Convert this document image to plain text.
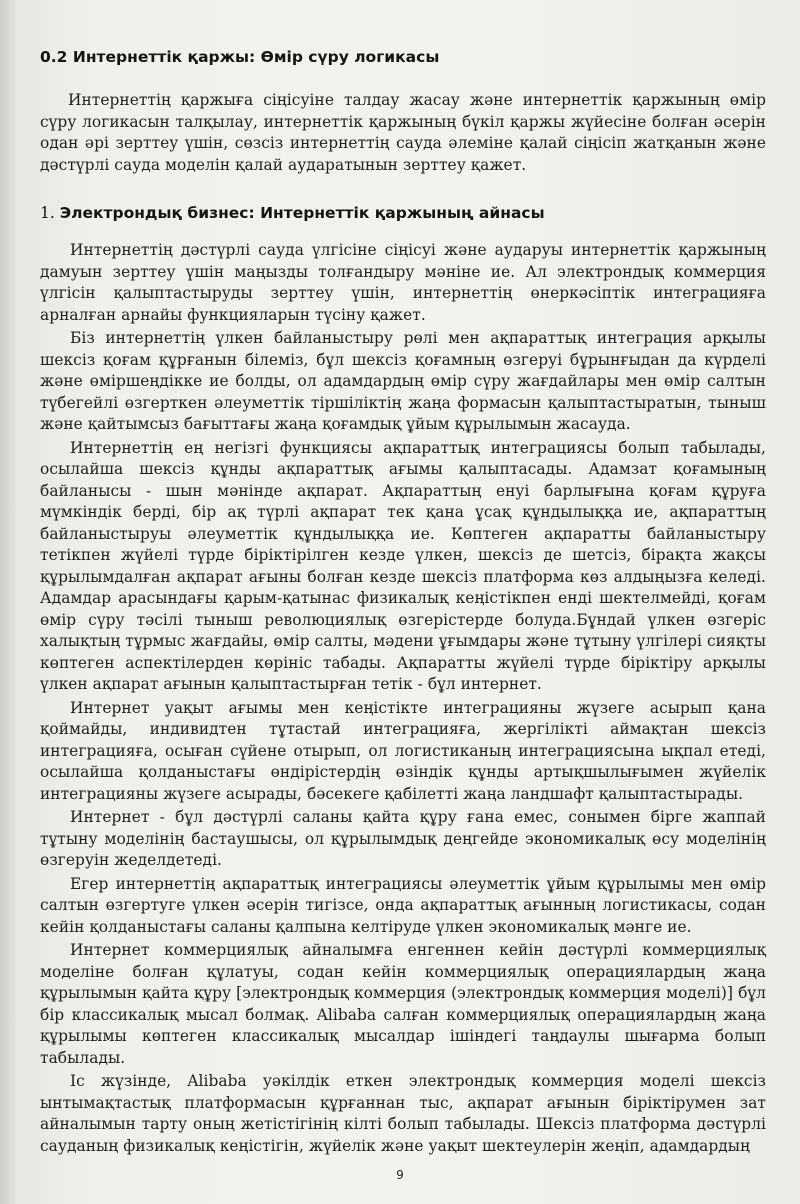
0.2 Интернеттік қаржы: Өмір сүру логикасы

Интернеттің қаржыға сіңісуіне талдау жасау және интернеттік қаржының өмір сүру логикасын талқылау, интернеттік қаржының бүкіл қаржы жүйесіне болған әсерін одан әрі зерттеу үшін, сөзсіз интернеттің сауда әлеміне қалай сіңісіп жатқанын және дәстүрлі сауда моделін қалай аударатынын зерттеу қажет.

1. Электрондық бизнес: Интернеттік қаржының айнасы

Интернеттің дәстүрлі сауда үлгісіне сіңісуі және аударуы интернеттік қаржының дамуын зерттеу үшін маңызды толғандыру мәніне ие. Ал электрондық коммерция үлгісін қалыптастыруды зерттеу үшін, интернеттің өнеркәсіптік интеграцияға арналған арнайы функцияларын түсіну қажет.

Біз интернеттің үлкен байланыстыру рөлі мен ақпараттық интеграция арқылы шексіз қоғам құрғанын білеміз, бұл шексіз қоғамның өзгеруі бұрынғыдан да күрделі және өміршеңдікке ие болды, ол адамдардың өмір сүру жағдайлары мен өмір салтын түбегейлі өзгерткен әлеуметтік тіршіліктің жаңа формасын қалыптастыратын, тыныш және қайтымсыз бағыттағы жаңа қоғамдық ұйым құрылымын жасауда.

Интернеттің ең негізгі функциясы ақпараттық интеграциясы болып табылады, осылайша шексіз құнды ақпараттық ағымы қалыптасады. Адамзат қоғамының байланысы - шын мәнінде ақпарат. Ақпараттың енуі барлығына қоғам құруға мүмкіндік берді, бір ақ түрлі ақпарат тек қана ұсақ құндылыққа ие, ақпараттың байланыстыруы әлеуметтік құндылыққа ие. Көптеген ақпаратты байланыстыру тетікпен жүйелі түрде біріктірілген кезде үлкен, шексіз де шетсіз, бірақта жақсы құрылымдалған ақпарат ағыны болған кезде шексіз платформа көз алдыңызға келеді. Адамдар арасындағы қарым-қатынас физикалық кеңістікпен енді шектелмейді, қоғам өмір сүру тәсілі тыныш революциялық өзгерістерде болуда.Бұндай үлкен өзгеріс халықтың тұрмыс жағдайы, өмір салты, мәдени ұғымдары және тұтыну үлгілері сияқты көптеген аспектілерден көрініс табады. Ақпаратты жүйелі түрде біріктіру арқылы үлкен ақпарат ағынын қалыптастырған тетік - бұл интернет.

Интернет уақыт ағымы мен кеңістікте интеграцияны жүзеге асырып қана қоймайды, индивидтен тұтастай интеграцияға, жергілікті аймақтан шексіз интеграцияға, осыған сүйене отырып, ол логистиканың интеграциясына ықпал етеді, осылайша қолданыстағы өндірістердің өзіндік құнды артықшылығымен жүйелік интеграцияны жүзеге асырады, бәсекеге қабілетті жаңа ландшафт қалыптастырады.

Интернет - бұл дәстүрлі саланы қайта құру ғана емес, сонымен бірге жаппай тұтыну моделінің бастаушысы, ол құрылымдық деңгейде экономикалық өсу моделінің өзгеруін жеделдетеді.

Егер интернеттің ақпараттық интеграциясы әлеуметтік ұйым құрылымы мен өмір салтын өзгертуге үлкен әсерін тигізсе, онда ақпараттық ағынның логистикасы, содан кейін қолданыстағы саланы қалпына келтіруде үлкен экономикалық мәнге ие.

Интернет коммерциялық айналымға енгеннен кейін дәстүрлі коммерциялық моделіне болған құлатуы, содан кейін коммерциялық операциялардың жаңа құрылымын қайта құру [электрондық коммерция (электрондық коммерция моделі)] бұл бір классикалық мысал болмақ. Alibaba салған коммерциялық операциялардың жаңа құрылымы көптеген классикалық мысалдар ішіндегі таңдаулы шығарма болып табылады.

Іс жүзінде, Alibaba уәкілдік еткен электрондық коммерция моделі шексіз ынтымақтастық платформасын құрғаннан тыс, ақпарат ағынын біріктірумен зат айналымын тарту оның жетістігінің кілті болып табылады. Шексіз платформа дәстүрлі сауданың физикалық кеңістігін, жүйелік және уақыт шектеулерін жеңіп, адамдардың

9
